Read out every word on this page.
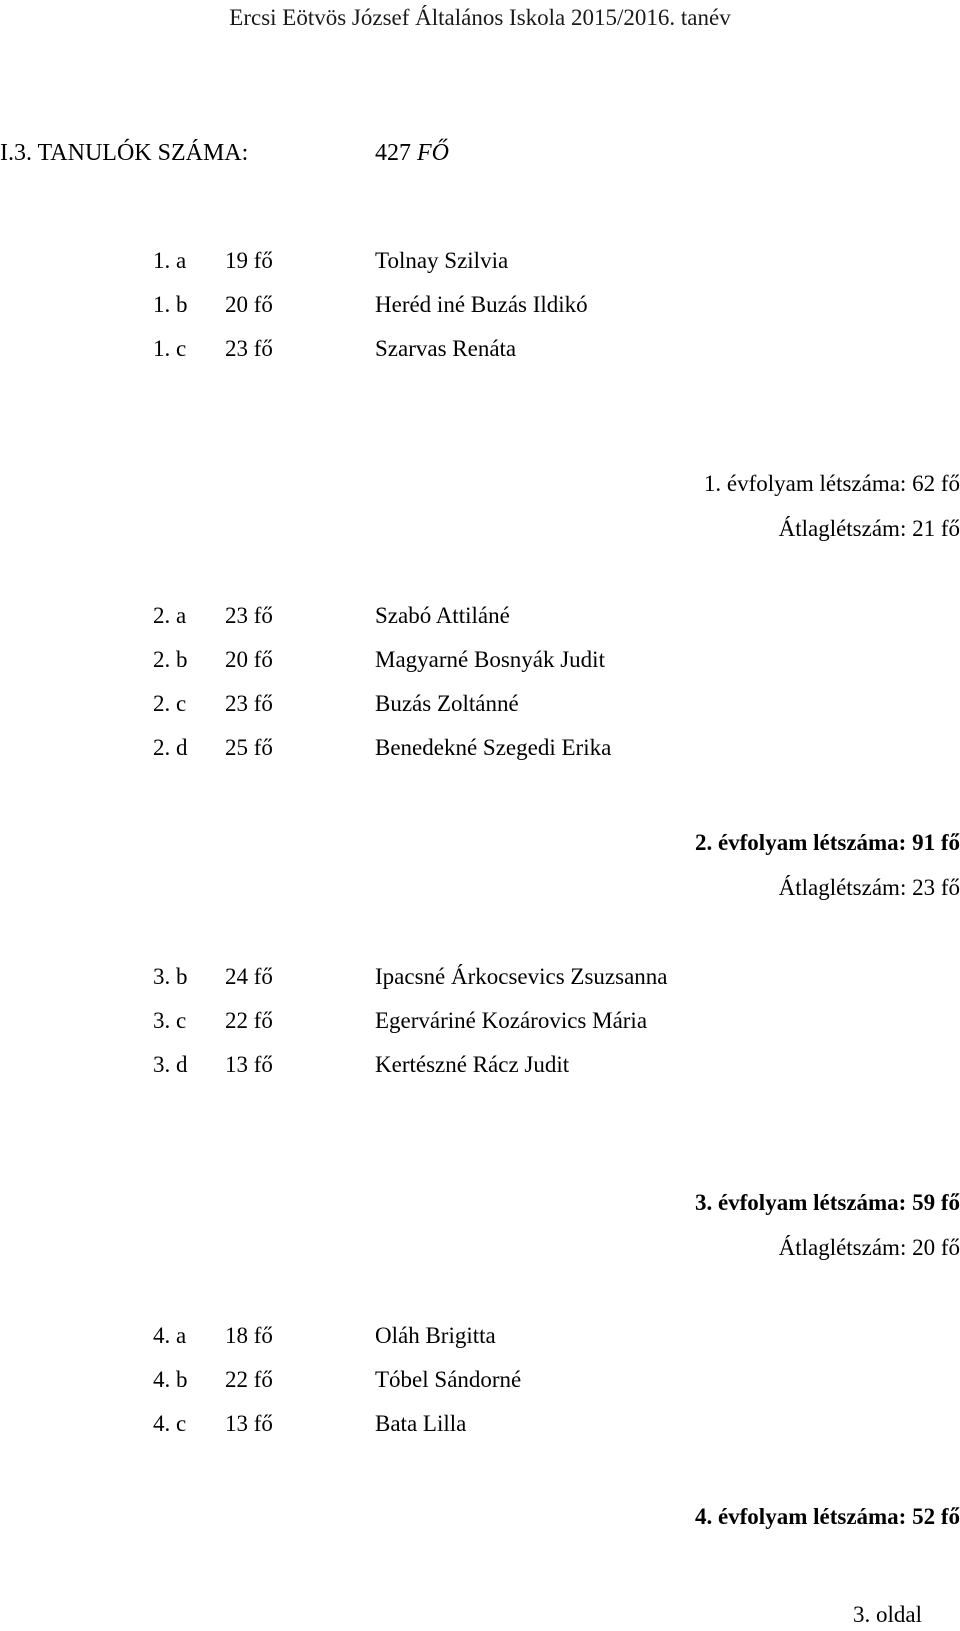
Ercsi Eötvös József Általános Iskola 2015/2016. tanév
I.3. TANULÓK SZÁMA:	427 FŐ
1. a 19 fő	Tolnay Szilvia
1. b 20 fő	Heréd iné Buzás Ildikó
1. c 23 fő	Szarvas Renáta
1. évfolyam létszáma: 62 fő
Átlaglétszám: 21 fő
2. a 23 fő	Szabó Attiláné
2. b 20 fő	Magyarné Bosnyák Judit
2. c 23 fő	Buzás Zoltánné
2. d 25 fő	Benedekné Szegedi Erika
2. évfolyam létszáma: 91 fő
Átlaglétszám: 23 fő
3. b 24 fő	Ipacsné Árkocsevics Zsuzsanna
3. c 22 fő	Egerváriné Kozárovics Mária
3. d 13 fő	Kertészné Rácz Judit
3. évfolyam létszáma: 59 fő
Átlaglétszám: 20 fő
4. a 18 fő	Oláh Brigitta
4. b 22 fő	Tóbel Sándorné
4. c 13 fő	Bata Lilla
4. évfolyam létszáma: 52 fő
3. oldal
